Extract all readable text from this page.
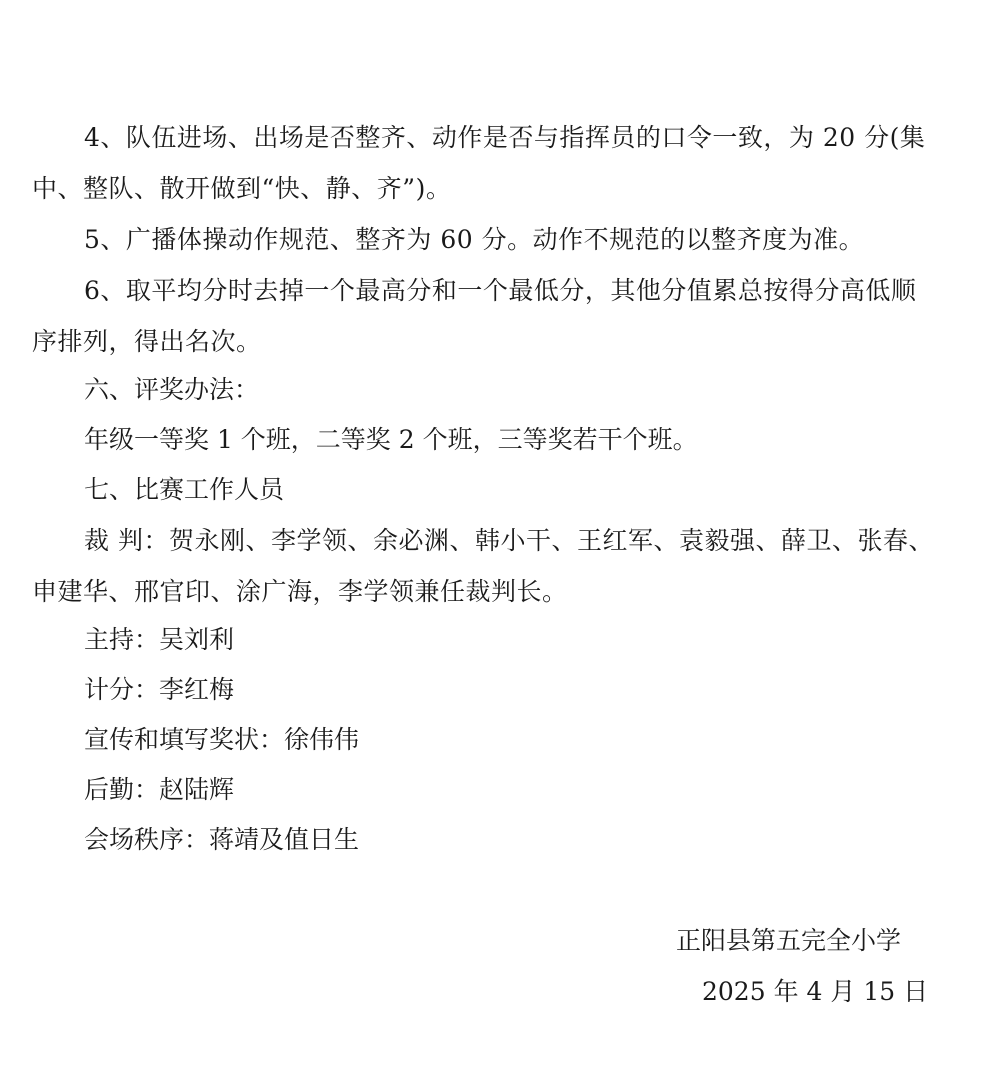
4、队伍进场、出场是否整齐、动作是否与指挥员的口令一致，为 20 分(集中、整队、散开做到“快、静、齐”)。
5、广播体操动作规范、整齐为 60 分。动作不规范的以整齐度为准。
6、取平均分时去掉一个最高分和一个最低分，其他分值累总按得分高低顺序排列，得出名次。
六、评奖办法：
年级一等奖 1 个班，二等奖 2 个班，三等奖若干个班。
七、比赛工作人员
裁 判：贺永刚、李学领、余必渊、韩小干、王红军、袁毅强、薛卫、张春、申建华、邢官印、涂广海，李学领兼任裁判长。
主持：吴刘利
计分：李红梅
宣传和填写奖状：徐伟伟
后勤：赵陆辉
会场秩序：蒋靖及值日生
正阳县第五完全小学
2025 年 4 月 15 日
